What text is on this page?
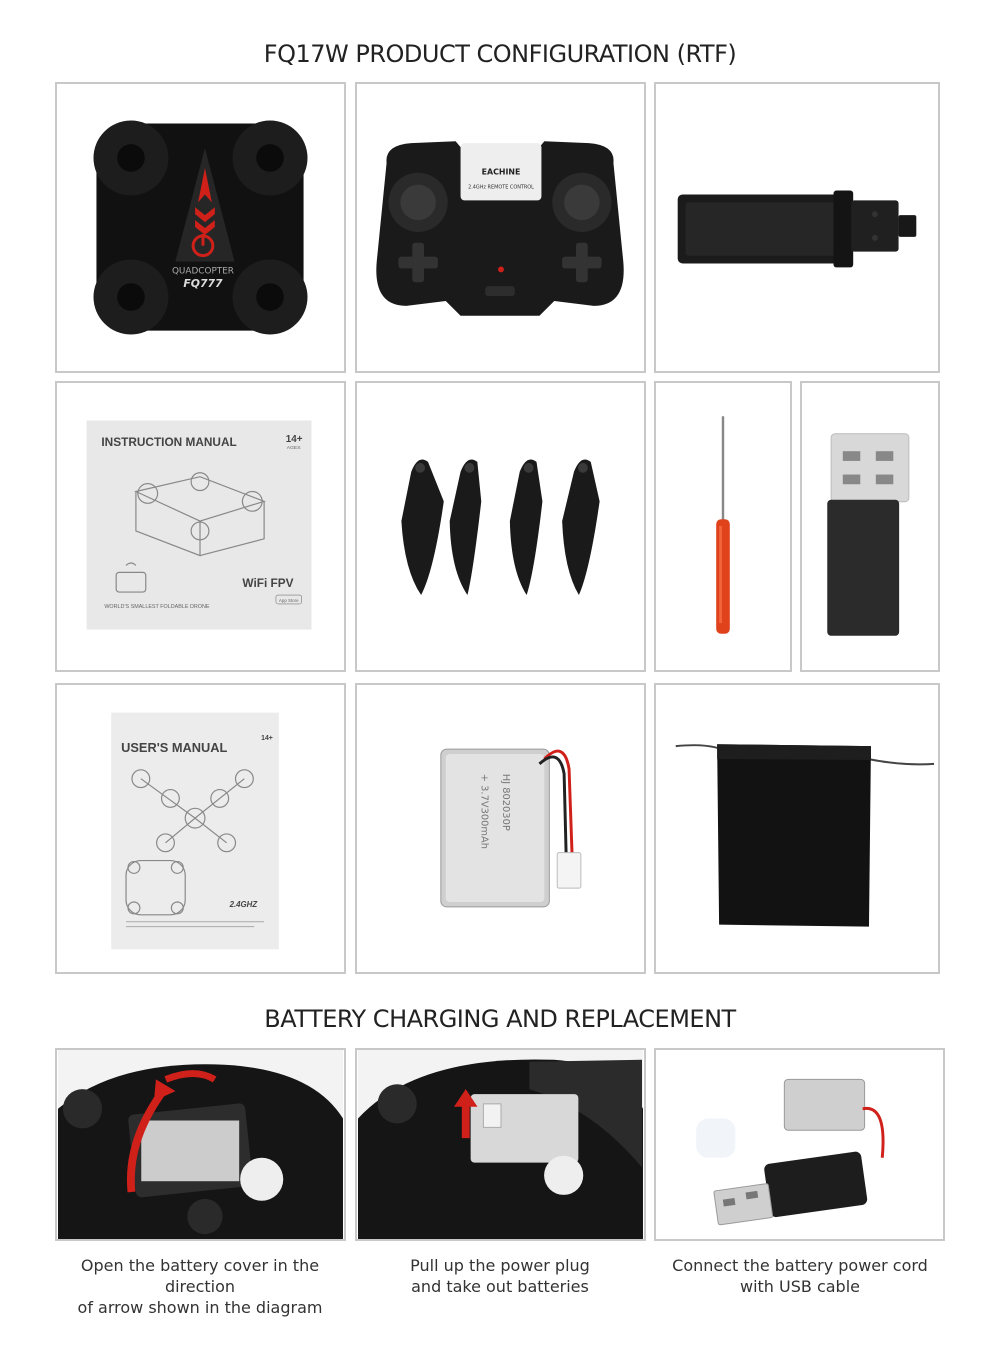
FQ17W PRODUCT CONFIGURATION (RTF)
QUADCOPTER
FQ777
EACHINE
2.4GHz REMOTE CONTROL
INSTRUCTION MANUAL	14+
AGES
WiFi FPV
WORLD'S SMALLEST FOLDABLE DRONE
App Store
USER'S MANUAL
14+
2.4GHZ
HJ 802030P
+ 3.7V300mAh
BATTERY CHARGING AND REPLACEMENT
Open the battery cover in the direction
of arrow shown in the diagram
Pull up the power plug
and take out batteries
Connect the battery power cord
with USB cable
